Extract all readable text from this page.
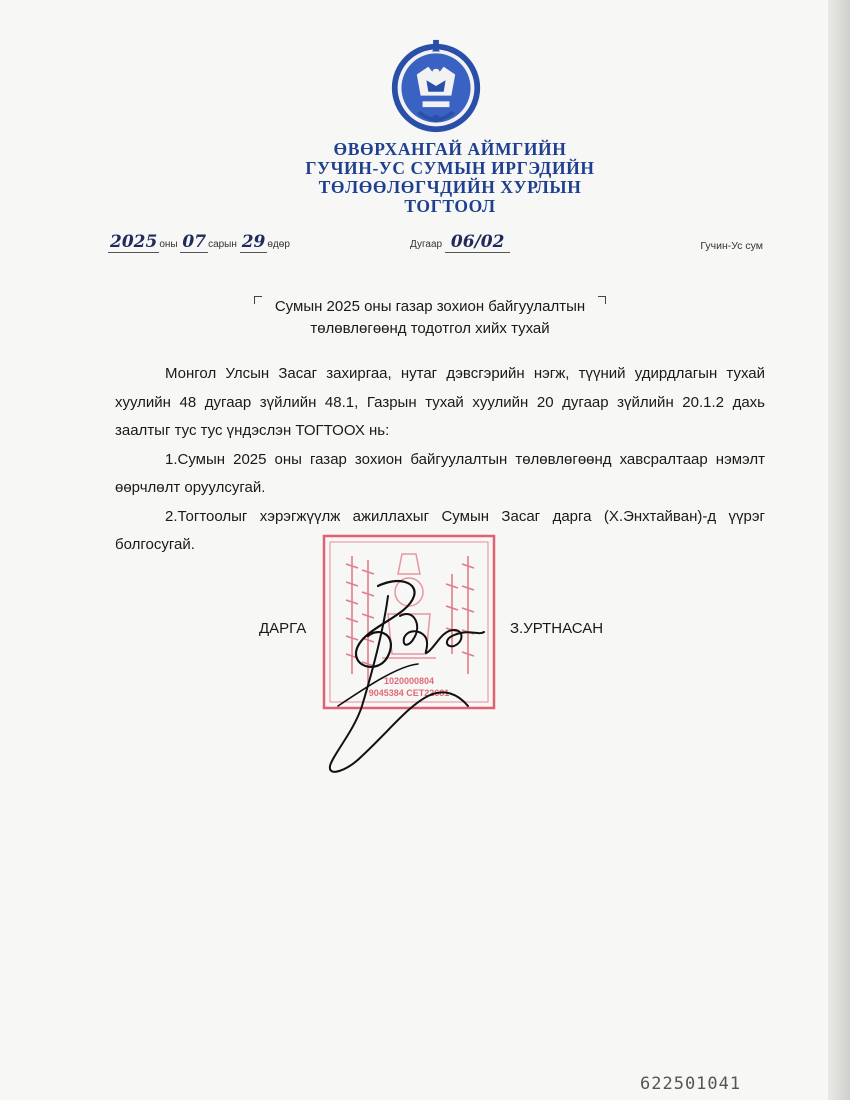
ӨВӨРХАНГАЙ АЙМГИЙН
ГУЧИН-УС СУМЫН ИРГЭДИЙН
ТӨЛӨӨЛӨГЧДИЙН ХУРЛЫН
ТОГТООЛ
2025 оны 07 сарын 29 өдөр	Дугаар 06/02	Гучин-Ус сум
Сумын 2025 оны газар зохион байгуулалтын
төлөвлөгөөнд тодотгол хийх тухай

Монгол Улсын Засаг захиргаа, нутаг дэвсгэрийн нэгж, түүний удирдлагын тухай хуулийн 48 дугаар зүйлийн 48.1, Газрын тухай хуулийн 20 дугаар зүйлийн 20.1.2 дахь заалтыг тус тус үндэслэн ТОГТООХ нь:

1.Сумын 2025 оны газар зохион байгуулалтын төлөвлөгөөнд хавсралтаар нэмэлт өөрчлөлт оруулсугай.

2.Тогтоолыг хэрэгжүүлж ажиллахыг Сумын Засаг дарга (Х.Энхтайван)-д үүрэг болгосугай.

1020000804
9045384 СЕТ22681
ДАРГА	З.УРТНАСАН
622501041
